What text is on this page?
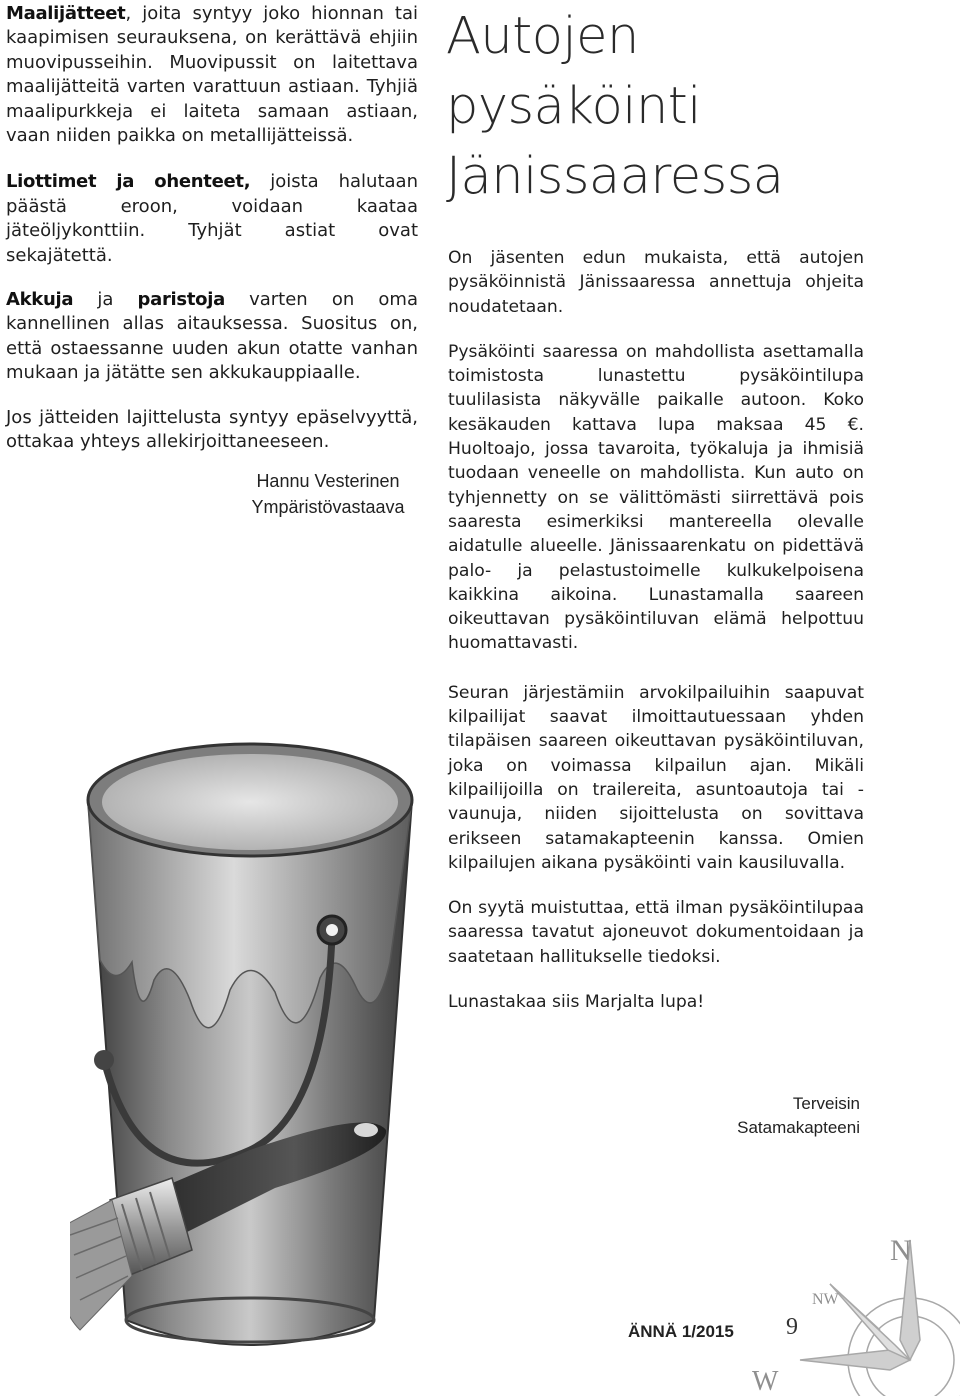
Maalijätteet, joita syntyy joko hionnan tai kaapimisen seurauksena, on kerättävä ehjiin muovipusseihin. Muovipussit on laitettava maalijätteitä varten varattuun astiaan. Tyhjiä maalipurkkeja ei laiteta samaan astiaan, vaan niiden paikka on metallijätteissä.

Liottimet ja ohenteet, joista halutaan päästä eroon, voidaan kaataa jäteöljykonttiin. Tyhjät astiat ovat sekajätettä.

Akkuja ja paristoja varten on oma kannellinen allas aitauksessa. Suositus on, että ostaessanne uuden akun otatte vanhan mukaan ja jätätte sen akkukauppiaalle.

Jos jätteiden lajittelusta syntyy epäselvyyttä, ottakaa yhteys allekirjoittaneeseen.

Hannu Vesterinen
Ympäristövastaava
Autojen
pysäköinti
Jänissaaressa

On jäsenten edun mukaista, että autojen pysäköinnistä Jänissaaressa annettuja ohjeita noudatetaan.

Pysäköinti saaressa on mahdollista asettamalla toimistosta lunastettu pysäköintilupa tuulilasista näkyvälle paikalle autoon. Koko kesäkauden kattava lupa maksaa 45 €. Huoltoajo, jossa tavaroita, työkaluja ja ihmisiä tuodaan veneelle on mahdollista. Kun auto on tyhjennetty on se välittömästi siirrettävä pois saaresta esimerkiksi mantereella olevalle aidatulle alueelle. Jänissaarenkatu on pidettävä palo- ja pelastustoimelle kulkukelpoisena kaikkina aikoina. Lunastamalla saareen oikeuttavan pysäköintiluvan elämä helpottuu huomattavasti.

Seuran järjestämiin arvokilpailuihin saapuvat kilpailijat saavat ilmoittautuessaan yhden tilapäisen saareen oikeuttavan pysäköintiluvan, joka on voimassa kilpailun ajan. Mikäli kilpailijoilla on trailereita, asuntoautoja tai -vaunuja, niiden sijoittelusta on sovittava erikseen satamakapteenin kanssa. Omien kilpailujen aikana pysäköinti vain kausiluvalla.

On syytä muistuttaa, että ilman pysäköintilupaa saaressa tavatut ajoneuvot dokumentoidaan ja saatetaan hallitukselle tiedoksi.

Lunastakaa siis Marjalta lupa!

Terveisin
Satamakapteeni
ÄNNÄ 1/2015 9
N
NW
W
